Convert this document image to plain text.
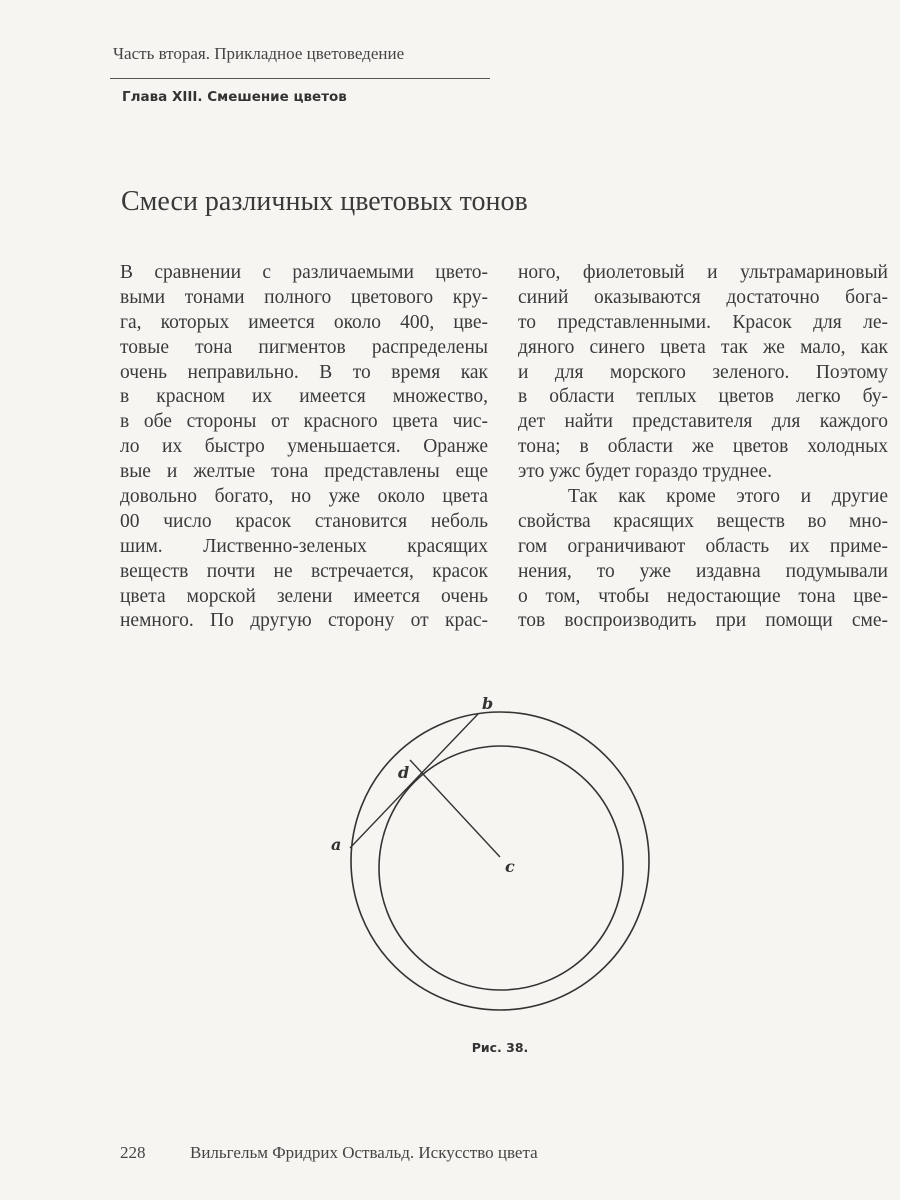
Часть вторая. Прикладное цветоведение
Глава XIII. Смешение цветов
Смеси различных цветовых тонов
В сравнении с различаемыми цвето-
выми тонами полного цветового кру-
га, которых имеется около 400, цве-
товые тона пигментов распределены
очень неправильно. В то время как
в красном их имеется множество,
в обе стороны от красного цвета чис-
ло их быстро уменьшается. Оранже
вые и желтые тона представлены еще
довольно богато, но уже около цвета
00 число красок становится неболь
шим. Лиственно-зеленых красящих
веществ почти не встречается, красок
цвета морской зелени имеется очень
немного. По другую сторону от крас-
ного, фиолетовый и ультрамариновый
синий оказываются достаточно бога-
то представленными. Красок для ле-
дяного синего цвета так же мало, как
и для морского зеленого. Поэтому
в области теплых цветов легко бу-
дет найти представителя для каждого
тона; в области же цветов холодных
это ужс будет гораздо труднее.
Так как кроме этого и другие
свойства красящих веществ во мно-
гом ограничивают область их приме-
нения, то уже издавна подумывали
о том, чтобы недостающие тона цве-
тов воспроизводить при помощи сме-
b
d
a
c
Рис. 38.
228	Вильгельм Фридрих Оствальд. Искусство цвета
